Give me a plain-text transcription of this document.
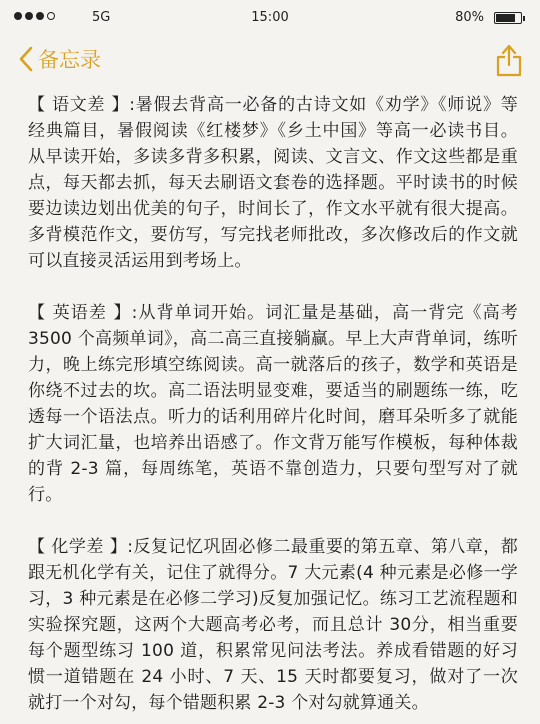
5G	15:00	80%
备忘录

【 语文差 】:暑假去背高一必备的古诗文如《劝学》《师说》等经典篇目，暑假阅读《红楼梦》《乡土中国》等高一必读书目。从早读开始，多读多背多积累，阅读、文言文、作文这些都是重点，每天都去抓，每天去刷语文套卷的选择题。平时读书的时候要边读边划出优美的句子，时间长了，作文水平就有很大提高。多背模范作文，要仿写，写完找老师批改，多次修改后的作文就可以直接灵活运用到考场上。

【 英语差 】:从背单词开始。词汇量是基础，高一背完《高考3500 个高频单词》，高二高三直接躺赢。早上大声背单词，练听力，晚上练完形填空练阅读。高一就落后的孩子，数学和英语是你绕不过去的坎。高二语法明显变难，要适当的刷题练一练，吃透每一个语法点。听力的话利用碎片化时间，磨耳朵听多了就能扩大词汇量，也培养出语感了。作文背万能写作模板，每种体裁的背 2-3 篇，每周练笔，英语不靠创造力，只要句型写对了就行。

【 化学差 】:反复记忆巩固必修二最重要的第五章、第八章，都跟无机化学有关，记住了就得分。7 大元素(4 种元素是必修一学习，3 种元素是在必修二学习)反复加强记忆。练习工艺流程题和实验探究题，这两个大题高考必考，而且总计 30分，相当重要每个题型练习 100 道，积累常见问法考法。养成看错题的好习惯一道错题在 24 小时、7 天、15 天时都要复习，做对了一次就打一个对勾，每个错题积累 2-3 个对勾就算通关。
